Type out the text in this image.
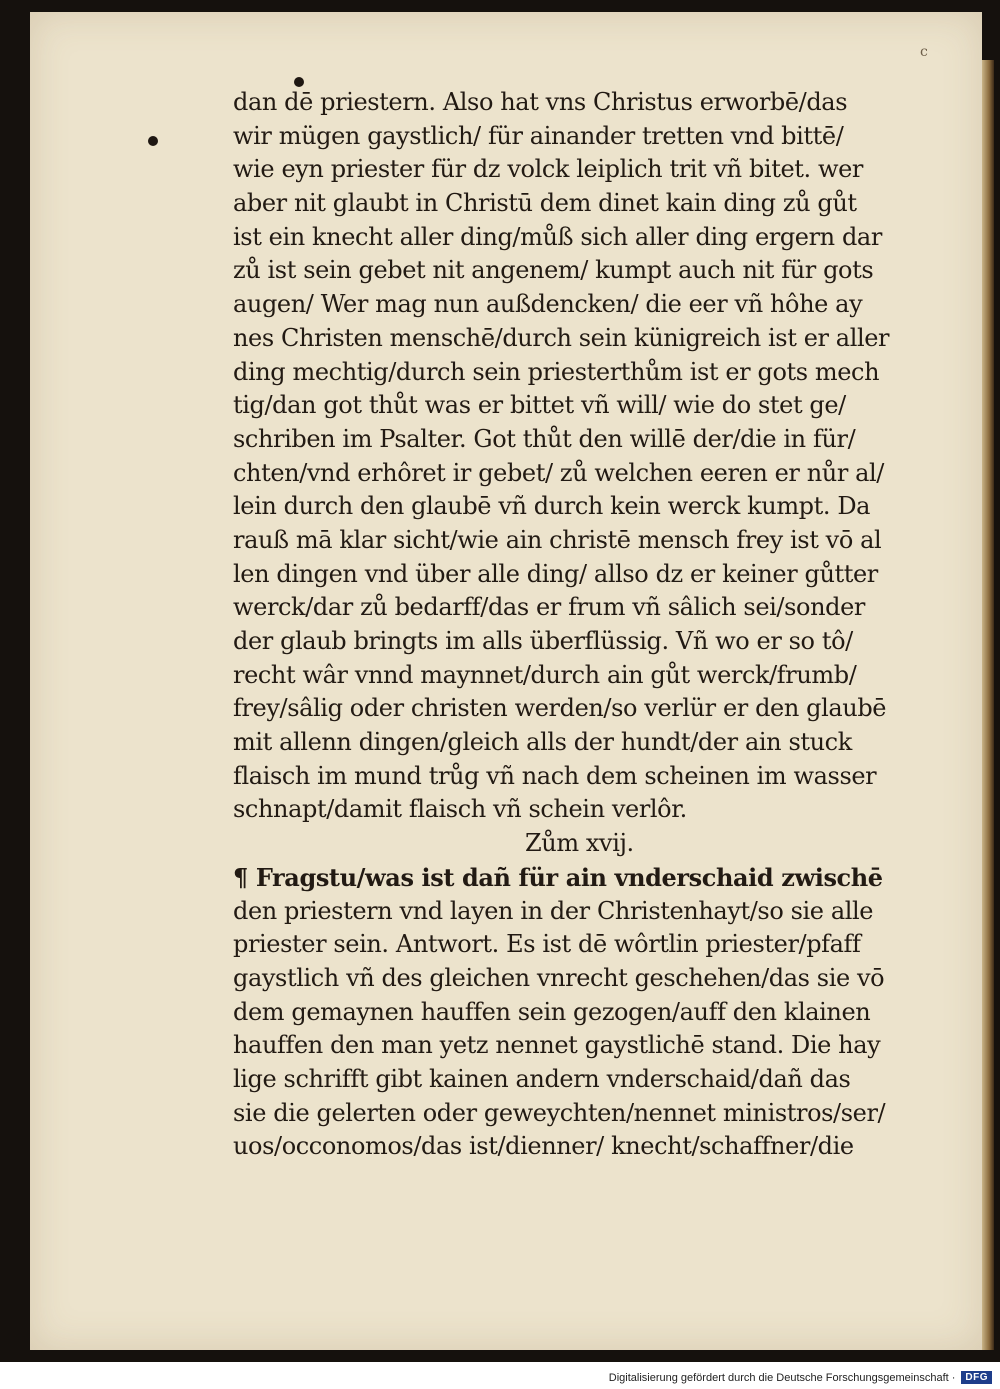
c
dan dē priestern. Also hat vns Christus erworbē/das
wir mügen gaystlich/ für ainander tretten vnd bittē/
wie eyn priester für dz volck leiplich trit vñ bitet. wer
aber nit glaubt in Christū dem dinet kain ding zů gůt
ist ein knecht aller ding/můß sich aller ding ergern dar
zů ist sein gebet nit angenem/ kumpt auch nit für gots
augen/ Wer mag nun außdencken/ die eer vñ hôhe ay
nes Christen menschē/durch sein künigreich ist er aller
ding mechtig/durch sein priesterthům ist er gots mech
tig/dan got thůt was er bittet vñ will/ wie do stet ge/
schriben im Psalter. Got thůt den willē der/die in für/
chten/vnd erhôret ir gebet/ zů welchen eeren er nůr al/
lein durch den glaubē vñ durch kein werck kumpt. Da
rauß mā klar sicht/wie ain christē mensch frey ist vō al
len dingen vnd über alle ding/ allso dz er keiner gůtter
werck/dar zů bedarff/das er frum vñ sâlich sei/sonder
der glaub bringts im alls überflüssig. Vñ wo er so tô/
recht wâr vnnd maynnet/durch ain gůt werck/frumb/
frey/sâlig oder christen werden/so verlür er den glaubē
mit allenn dingen/gleich alls der hundt/der ain stuck
flaisch im mund trůg vñ nach dem scheinen im wasser
schnapt/damit flaisch vñ schein verlôr.
Zům xvij.
¶ Fragstu/was ist dañ für ain vnderschaid zwischē
den priestern vnd layen in der Christenhayt/so sie alle
priester sein. Antwort. Es ist dē wôrtlin priester/pfaff
gaystlich vñ des gleichen vnrecht geschehen/das sie vō
dem gemaynen hauffen sein gezogen/auff den klainen
hauffen den man yetz nennet gaystlichē stand. Die hay
lige schrifft gibt kainen andern vnderschaid/dañ das
sie die gelerten oder geweychten/nennet ministros/ser/
uos/occonomos/das ist/dienner/ knecht/schaffner/die
Digitalisierung gefördert durch die Deutsche Forschungsgemeinschaft ·	DFG
